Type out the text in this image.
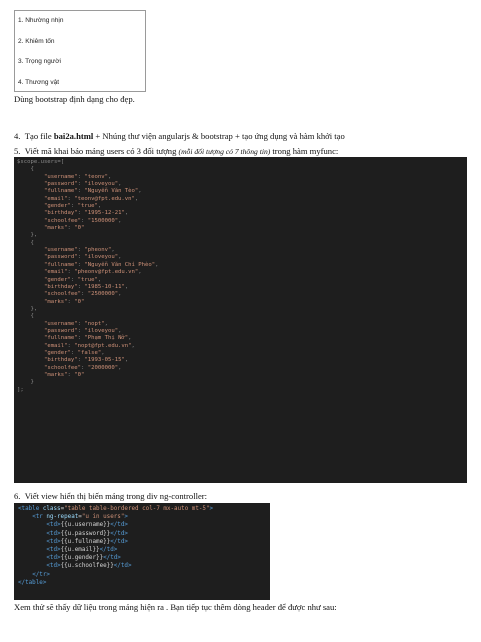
1. Nhường nhịn
2. Khiêm tốn
3. Trọng người
4. Thương vật
Dùng bootstrap định dạng cho đẹp.
4. Tạo file bai2a.html + Nhúng thư viện angularjs & bootstrap + tạo ứng dụng và hàm khởi tạo
5. Viết mã khai báo mảng users có 3 đối tượng (mỗi đối tượng có 7 thông tin) trong hàm myfunc:
$scope.users=[
{
"username": "teonv",
"password": "iloveyou",
"fullname": "Nguyễn Văn Tèo",
"email": "teonv@fpt.edu.vn",
"gender": "true",
"birthday": "1995-12-21",
"schoolfee": "1500000",
"marks": "0"
},
{
"username": "pheonv",
"password": "iloveyou",
"fullname": "Nguyễn Văn Chí Phèo",
"email": "pheonv@fpt.edu.vn",
"gender": "true",
"birthday": "1985-10-11",
"schoolfee": "2500000",
"marks": "0"
},
{
"username": "nopt",
"password": "iloveyou",
"fullname": "Phạm Thị Nở",
"email": "nopt@fpt.edu.vn",
"gender": "false",
"birthday": "1993-05-15",
"schoolfee": "2000000",
"marks": "0"
}
];
6. Viết view hiển thị biến mảng trong div ng-controller:
<table class="table table-bordered col-7 mx-auto mt-5">
<tr ng-repeat="u in users">
<td>{{u.username}}</td>
<td>{{u.password}}</td>
<td>{{u.fullname}}</td>
<td>{{u.email}}</td>
<td>{{u.gender}}</td>
<td>{{u.schoolfee}}</td>
</tr>
</table>
Xem thử sẽ thấy dữ liệu trong mảng hiện ra . Bạn tiếp tục thêm dòng header để được như sau:
